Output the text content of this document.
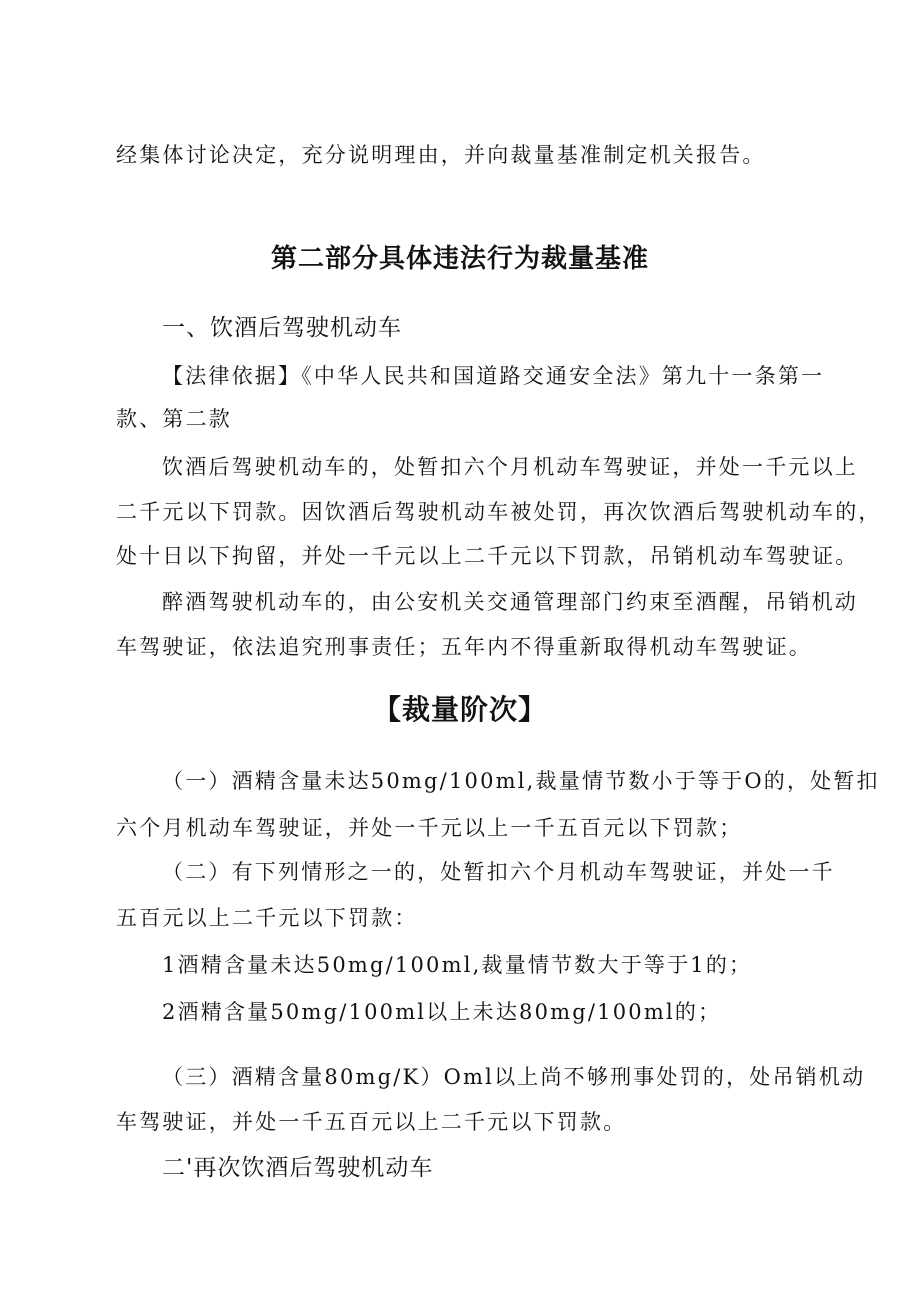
经集体讨论决定，充分说明理由，并向裁量基准制定机关报告。
第二部分具体违法行为裁量基准
一、饮酒后驾驶机动车
【法律依据】《中华人民共和国道路交通安全法》第九十一条第一
款、第二款
饮酒后驾驶机动车的，处暂扣六个月机动车驾驶证，并处一千元以上
二千元以下罚款。因饮酒后驾驶机动车被处罚，再次饮酒后驾驶机动车的，
处十日以下拘留，并处一千元以上二千元以下罚款，吊销机动车驾驶证。
醉酒驾驶机动车的，由公安机关交通管理部门约束至酒醒，吊销机动
车驾驶证，依法追究刑事责任；五年内不得重新取得机动车驾驶证。
【裁量阶次】
（一）酒精含量未达50mg/100ml,裁量情节数小于等于O的，处暂扣
六个月机动车驾驶证，并处一千元以上一千五百元以下罚款；
（二）有下列情形之一的，处暂扣六个月机动车驾驶证，并处一千
五百元以上二千元以下罚款：
1酒精含量未达50mg/100ml,裁量情节数大于等于1的；
2酒精含量50mg/100ml以上未达80mg/100ml的；
（三）酒精含量80mg/K）Oml以上尚不够刑事处罚的，处吊销机动
车驾驶证，并处一千五百元以上二千元以下罚款。
二'再次饮酒后驾驶机动车
